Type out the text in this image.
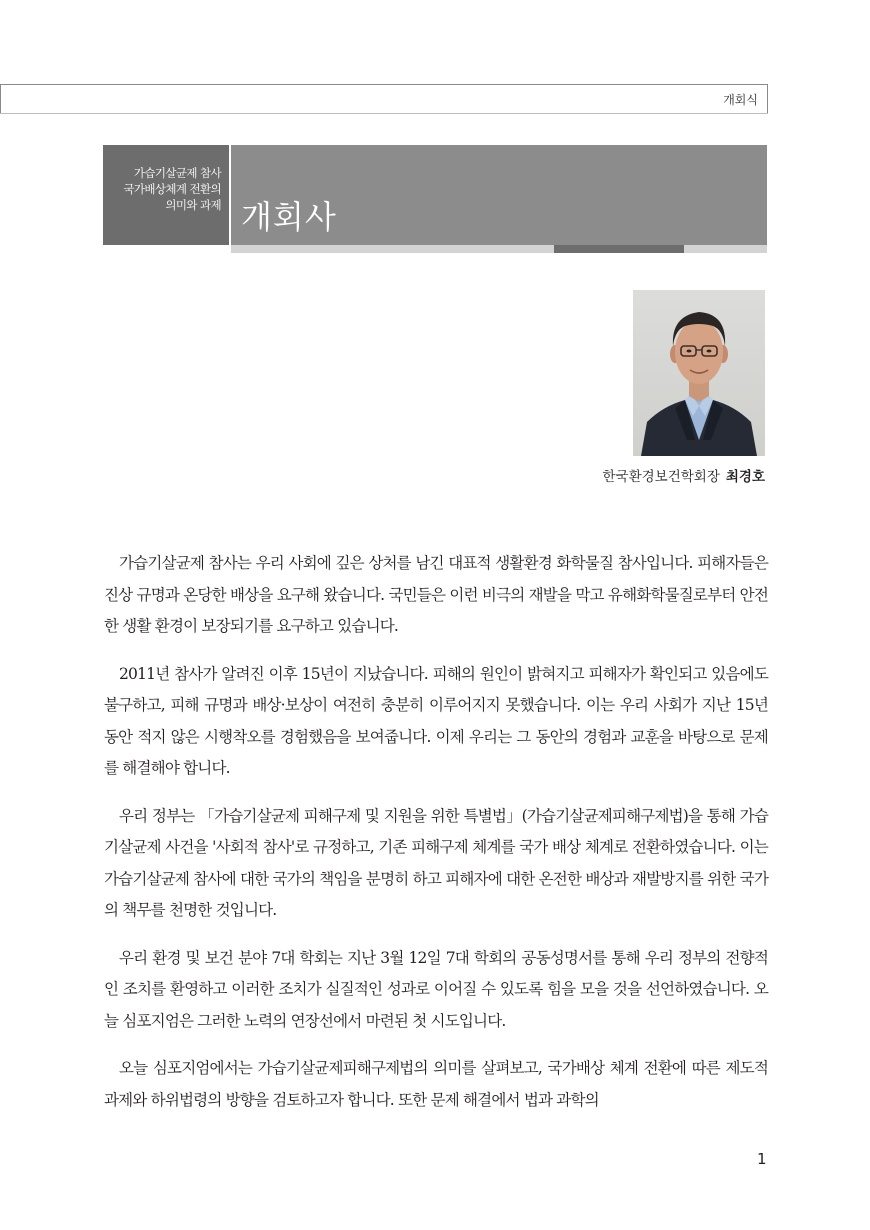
개회식
가습기살균제 참사
국가배상체계 전환의
의미와 과제 개회사
한국환경보건학회장 최경호

가습기살균제 참사는 우리 사회에 깊은 상처를 남긴 대표적 생활환경 화학물질 참사입니다. 피해자들은 진상 규명과 온당한 배상을 요구해 왔습니다. 국민들은 이런 비극의 재발을 막고 유해화학물질로부터 안전한 생활 환경이 보장되기를 요구하고 있습니다.

2011년 참사가 알려진 이후 15년이 지났습니다. 피해의 원인이 밝혀지고 피해자가 확인되고 있음에도 불구하고, 피해 규명과 배상·보상이 여전히 충분히 이루어지지 못했습니다. 이는 우리 사회가 지난 15년 동안 적지 않은 시행착오를 경험했음을 보여줍니다. 이제 우리는 그 동안의 경험과 교훈을 바탕으로 문제를 해결해야 합니다.

우리 정부는 「가습기살균제 피해구제 및 지원을 위한 특별법」(가습기살균제피해구제법)을 통해 가습기살균제 사건을 '사회적 참사'로 규정하고, 기존 피해구제 체계를 국가 배상 체계로 전환하였습니다. 이는 가습기살균제 참사에 대한 국가의 책임을 분명히 하고 피해자에 대한 온전한 배상과 재발방지를 위한 국가의 책무를 천명한 것입니다.

우리 환경 및 보건 분야 7대 학회는 지난 3월 12일 7대 학회의 공동성명서를 통해 우리 정부의 전향적인 조치를 환영하고 이러한 조치가 실질적인 성과로 이어질 수 있도록 힘을 모을 것을 선언하였습니다. 오늘 심포지엄은 그러한 노력의 연장선에서 마련된 첫 시도입니다.

오늘 심포지엄에서는 가습기살균제피해구제법의 의미를 살펴보고, 국가배상 체계 전환에 따른 제도적 과제와 하위법령의 방향을 검토하고자 합니다. 또한 문제 해결에서 법과 과학의

1
